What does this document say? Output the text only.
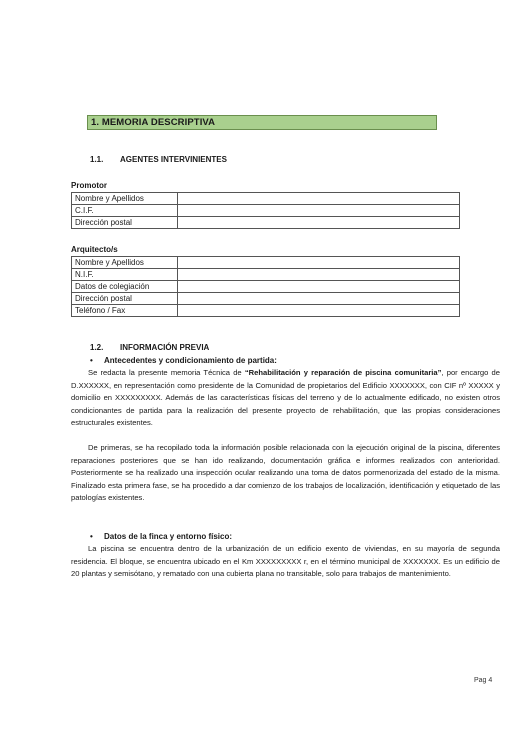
1. MEMORIA DESCRIPTIVA
1.1. AGENTES INTERVINIENTES
Promotor
Nombre y Apellidos	
C.I.F.	
Dirección postal	
Arquitecto/s
Nombre y Apellidos	
N.I.F.	
Datos de colegiación	
Dirección postal	
Teléfono / Fax	
1.2. INFORMACIÓN PREVIA
• Antecedentes y condicionamiento de partida:
Se redacta la presente memoria Técnica de “Rehabilitación y reparación de piscina comunitaria”, por encargo de D.XXXXXX, en representación como presidente de la Comunidad de propietarios del Edificio XXXXXXX, con CIF nº XXXXX y domicilio en XXXXXXXXX. Además de las características físicas del terreno y de lo actualmente edificado, no existen otros condicionantes de partida para la realización del presente proyecto de rehabilitación, que las propias consideraciones estructurales existentes.
De primeras, se ha recopilado toda la información posible relacionada con la ejecución original de la piscina, diferentes reparaciones posteriores que se han ido realizando, documentación gráfica e informes realizados con anterioridad. Posteriormente se ha realizado una inspección ocular realizando una toma de datos pormenorizada del estado de la misma. Finalizado esta primera fase, se ha procedido a dar comienzo de los trabajos de localización, identificación y etiquetado de las patologías existentes.
• Datos de la finca y entorno físico:
La piscina se encuentra dentro de la urbanización de un edificio exento de viviendas, en su mayoría de segunda residencia. El bloque, se encuentra ubicado en el Km XXXXXXXXX r, en el término municipal de XXXXXXX. Es un edificio de 20 plantas y semisótano, y rematado con una cubierta plana no transitable, solo para trabajos de mantenimiento.
Pag 4
